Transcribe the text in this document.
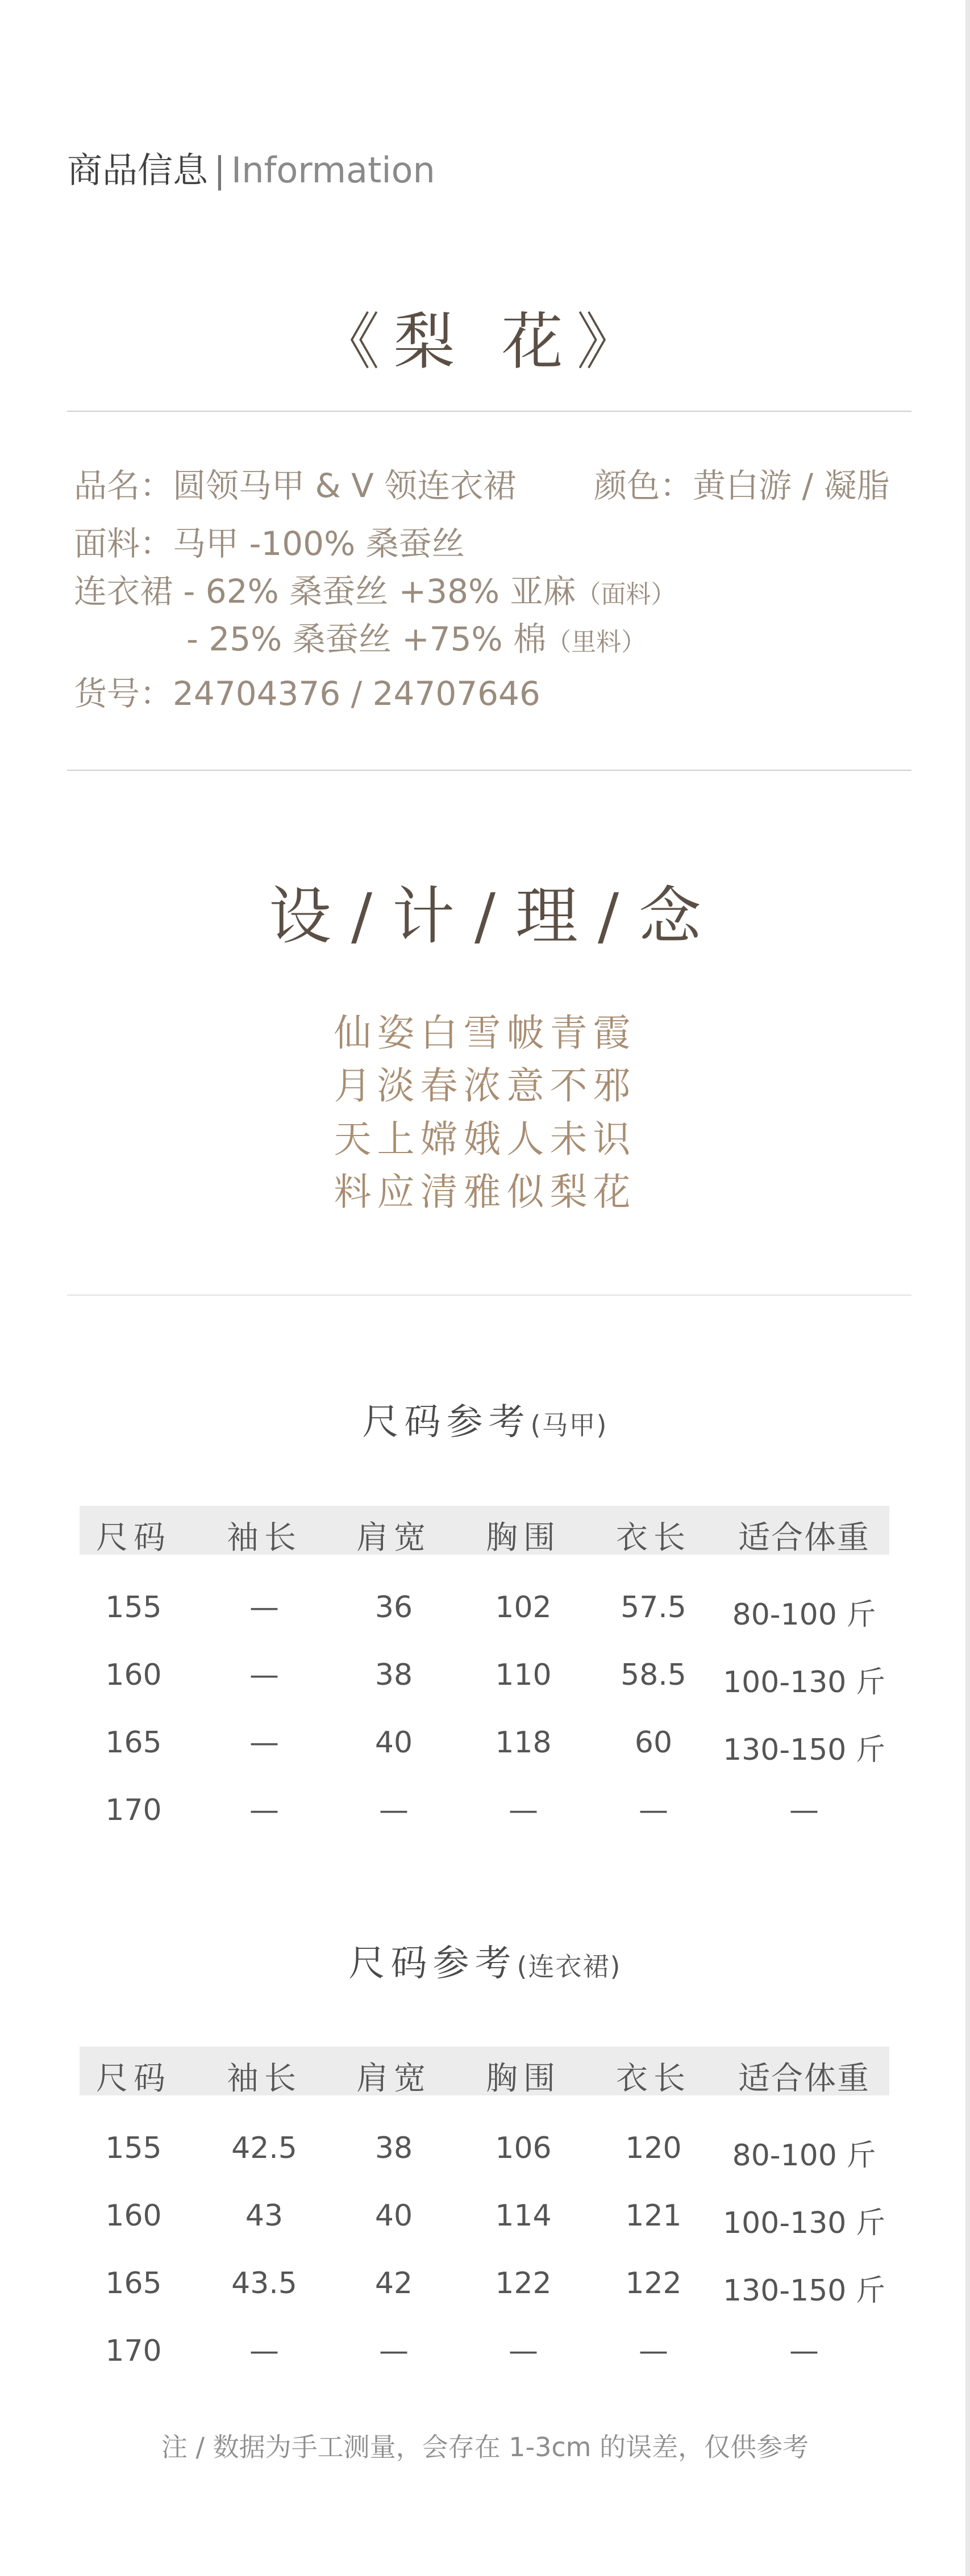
商品信息 | Information
《梨 花》
品名：圆领马甲 & V 领连衣裙 颜色：黄白游 / 凝脂
面料：马甲 -100% 桑蚕丝
连衣裙 - 62% 桑蚕丝 +38% 亚麻（面料）
- 25% 桑蚕丝 +75% 棉（里料）
货号：24704376 / 24707646
设 / 计 / 理 / 念
仙姿白雪帔青霞
月淡春浓意不邪
天上嫦娥人未识
料应清雅似梨花
尺码参考(马甲)
尺码	袖长	肩宽	胸围	衣长	适合体重
155	—	36	102	57.5	80-100 斤
160	—	38	110	58.5	100-130 斤
165	—	40	118	60	130-150 斤
170	—	—	—	—	—
尺码参考(连衣裙)
尺码	袖长	肩宽	胸围	衣长	适合体重
155	42.5	38	106	120	80-100 斤
160	43	40	114	121	100-130 斤
165	43.5	42	122	122	130-150 斤
170	—	—	—	—	—
注 / 数据为手工测量，会存在 1-3cm 的误差，仅供参考
